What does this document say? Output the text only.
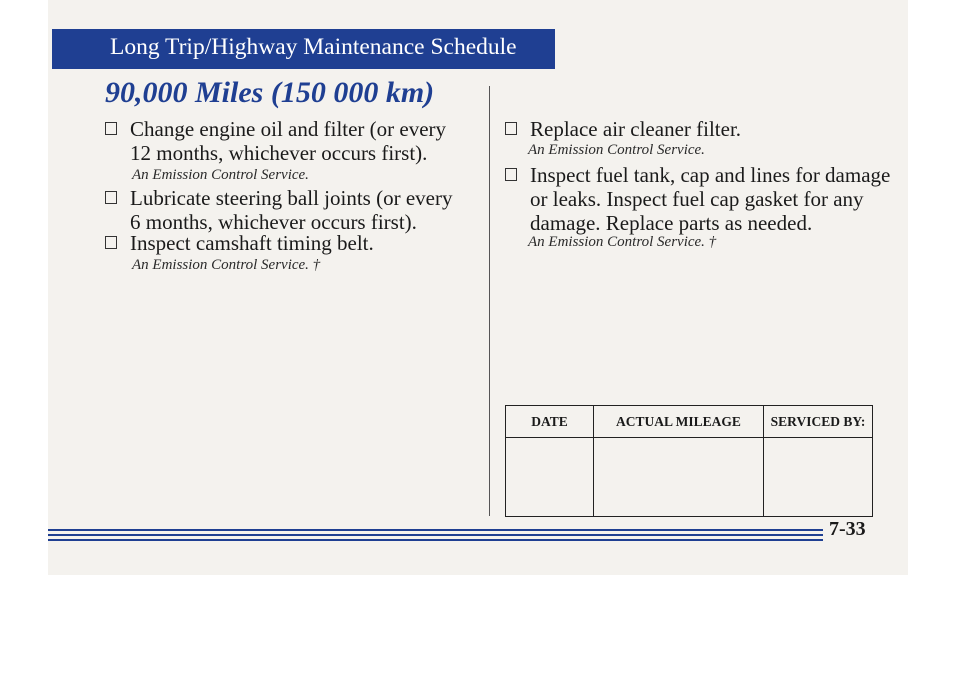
Long Trip/Highway Maintenance Schedule
90,000 Miles (150 000 km)
Change engine oil and filter (or every
12 months, whichever occurs first).
An Emission Control Service.
Lubricate steering ball joints (or every
6 months, whichever occurs first).
Inspect camshaft timing belt.
An Emission Control Service. †
Replace air cleaner filter.
An Emission Control Service.
Inspect fuel tank, cap and lines for damage
or leaks. Inspect fuel cap gasket for any
damage. Replace parts as needed.
An Emission Control Service. †
DATE	ACTUAL MILEAGE	SERVICED BY:

7-33
